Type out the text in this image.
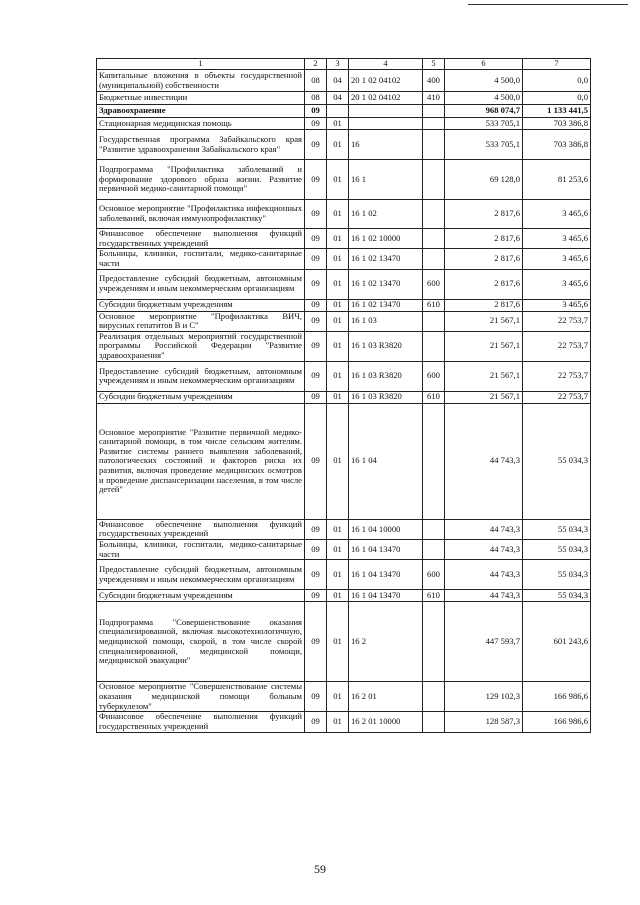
1	2	3	4	5	6	7
Капитальные вложения в объекты государственной (муниципальной) собственности	08	04	20 1 02 04102	400	4 500,0	0,0
Бюджетные инвестиции	08	04	20 1 02 04102	410	4 500,0	0,0
Здравоохранение	09				968 074,7	1 133 441,5
Стационарная медицинская помощь	09	01			533 705,1	703 386,8
Государственная программа Забайкальского края "Развитие здравоохранения Забайкальского края"	09	01	16		533 705,1	703 386,8
Подпрограмма "Профилактика заболеваний и формирование здорового образа жизни. Развитие первичной медико-санитарной помощи"	09	01	16 1		69 128,0	81 253,6
Основное мероприятие "Профилактика инфекционных заболеваний, включая иммунопрофилактику"	09	01	16 1 02		2 817,6	3 465,6
Финансовое обеспечение выполнения функций государственных учреждений	09	01	16 1 02 10000		2 817,6	3 465,6
Больницы, клиники, госпитали, медико-санитарные части	09	01	16 1 02 13470		2 817,6	3 465,6
Предоставление субсидий бюджетным, автономным учреждениям и иным некоммерческим организациям	09	01	16 1 02 13470	600	2 817,6	3 465,6
Субсидии бюджетным учреждениям	09	01	16 1 02 13470	610	2 817,6	3 465,6
Основное мероприятие "Профилактика ВИЧ, вирусных гепатитов В и С"	09	01	16 1 03		21 567,1	22 753,7
Реализация отдельных мероприятий государственной программы Российской Федерации "Развитие здравоохранения"	09	01	16 1 03 R3820		21 567,1	22 753,7
Предоставление субсидий бюджетным, автономным учреждениям и иным некоммерческим организациям	09	01	16 1 03 R3820	600	21 567,1	22 753,7
Субсидии бюджетным учреждениям	09	01	16 1 03 R3820	610	21 567,1	22 753,7
Основное мероприятие "Развитие первичной медико-санитарной помощи, в том числе сельским жителям. Развитие системы раннего выявления заболеваний, патологических состояний и факторов риска их развития, включая проведение медицинских осмотров и проведение диспансеризации населения, в том числе детей"	09	01	16 1 04		44 743,3	55 034,3
Финансовое обеспечение выполнения функций государственных учреждений	09	01	16 1 04 10000		44 743,3	55 034,3
Больницы, клиники, госпитали, медико-санитарные части	09	01	16 1 04 13470		44 743,3	55 034,3
Предоставление субсидий бюджетным, автономным учреждениям и иным некоммерческим организациям	09	01	16 1 04 13470	600	44 743,3	55 034,3
Субсидии бюджетным учреждениям	09	01	16 1 04 13470	610	44 743,3	55 034,3
Подпрограмма "Совершенствование оказания специализированной, включая высокотехнологичную, медицинской помощи, скорой, в том числе скорой специализированной, медицинской помощи, медицинской эвакуации"	09	01	16 2		447 593,7	601 243,6
Основное мероприятие "Совершенствование системы оказания медицинской помощи больным туберкулезом"	09	01	16 2 01		129 102,3	166 986,6
Финансовое обеспечение выполнения функций государственных учреждений	09	01	16 2 01 10000		128 587,3	166 986,6
59
